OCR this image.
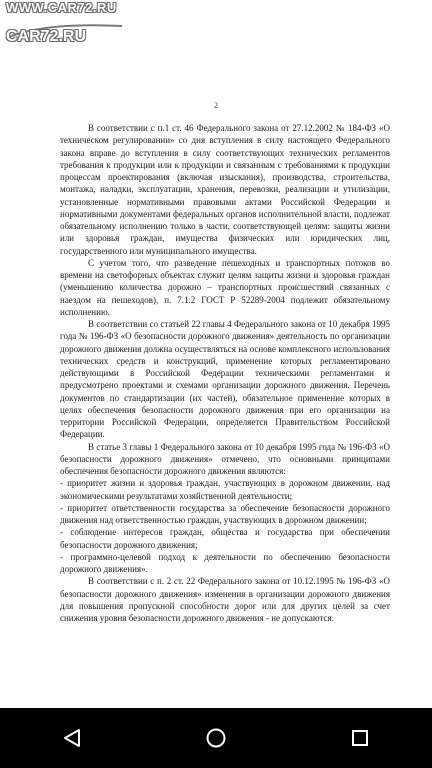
WWW.CAR72.RU
CAR72.RU
2

В соответствии с п.1 ст. 46 Федерального закона от 27.12.2002 № 184-ФЗ «О техническом регулировании» со дня вступления в силу настоящего Федерального закона вправе до вступления в силу соответствующих технических регламентов требования к продукции или к продукции и связанным с требованиями к продукции процессам проектирования (включая изыскания), производства, строительства, монтажа, наладки, эксплуатации, хранения, перевозки, реализации и утилизации, установленные нормативными правовыми актами Российской Федерации и нормативными документами федеральных органов исполнительной власти, подлежат обязательному исполнению только в части, соответствующей целям: защиты жизни или здоровья граждан, имущества физических или юридических лиц, государственного или муниципального имущества.

С учетом того, что разведение пешеходных и транспортных потоков во времени на светофорных объектах служит целям защиты жизни и здоровья граждан (уменьшению количества дорожно – транспортных происшествий связанных с наездом на пешеходов), п. 7.1.2 ГОСТ Р 52289-2004 подлежит обязательному исполнению.

В соответствии со статьей 22 главы 4 Федерального закона от 10 декабря 1995 года № 196-ФЗ «О безопасности дорожного движения» деятельность по организации дорожного движения должна осуществляться на основе комплексного использования технических средств и конструкций, применение которых регламентировано действующими в Российской Федерации техническими регламентами и предусмотрено проектами и схемами организации дорожного движения. Перечень документов по стандартизации (их частей), обязательное применение которых в целях обеспечения безопасности дорожного движения при его организации на территории Российской Федерации, определяется Правительством Российской Федерации.

В статье 3 главы 1 Федерального закона от 10 декабря 1995 года № 196-ФЗ «О безопасности дорожного движения» отмечено, что основными принципами обеспечения безопасности дорожного движения являются:

- приоритет жизни и здоровья граждан, участвующих в дорожном движении, над экономическими результатами хозяйственной деятельности;

- приоритет ответственности государства за обеспечение безопасности дорожного движения над ответственностью граждан, участвующих в дорожном движении;

- соблюдение интересов граждан, общества и государства при обеспечении безопасности дорожного движения;

- программно-целевой подход к деятельности по обеспечению безопасности дорожного движения».

В соответствии с п. 2 ст. 22 Федерального закона от 10.12.1995 № 196-ФЗ «О безопасности дорожного движения» изменения в организации дорожного движения для повышения пропускной способности дорог или для других целей за счет снижения уровня безопасности дорожного движения - не допускаются.
